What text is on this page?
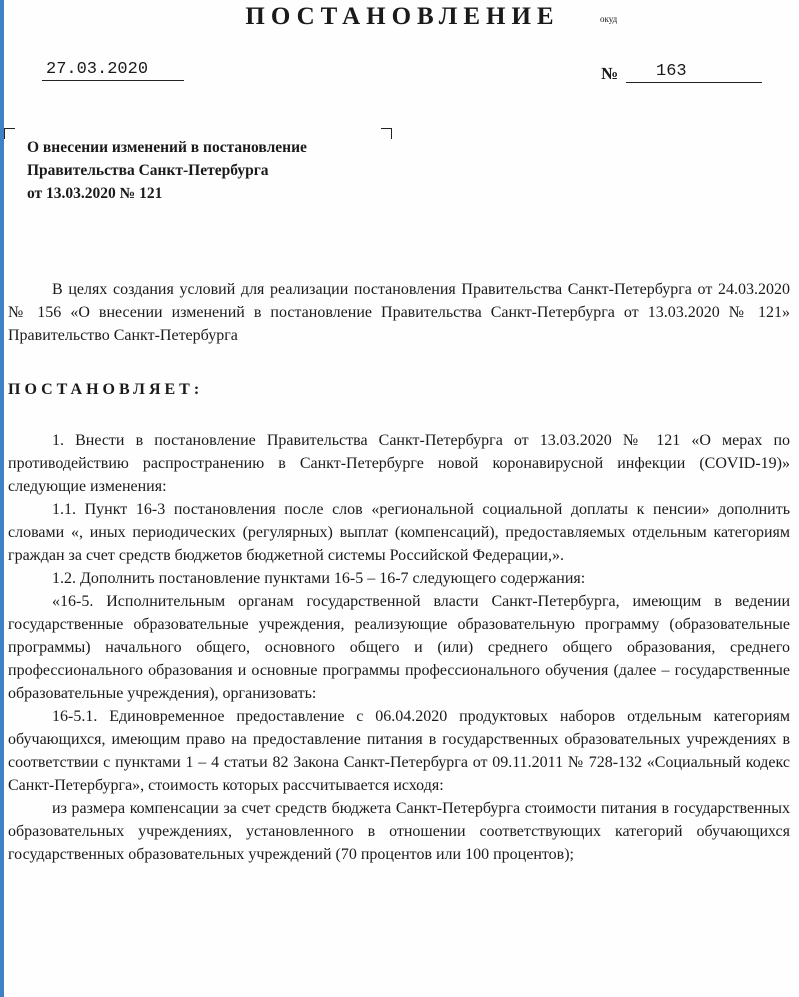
ПОСТАНОВЛЕНИЕ	окуд
27.03.2020	№	163
О внесении изменений в постановление
Правительства Санкт-Петербурга
от 13.03.2020 № 121

В целях создания условий для реализации постановления Правительства Санкт-Петербурга от 24.03.2020 № 156 «О внесении изменений в постановление Правительства Санкт-Петербурга от 13.03.2020 № 121» Правительство Санкт-Петербурга

ПОСТАНОВЛЯЕТ:

1. Внести в постановление Правительства Санкт-Петербурга от 13.03.2020 № 121 «О мерах по противодействию распространению в Санкт-Петербурге новой коронавирусной инфекции (COVID-19)» следующие изменения:

1.1. Пункт 16-3 постановления после слов «региональной социальной доплаты к пенсии» дополнить словами «, иных периодических (регулярных) выплат (компенсаций), предоставляемых отдельным категориям граждан за счет средств бюджетов бюджетной системы Российской Федерации,».

1.2. Дополнить постановление пунктами 16-5 – 16-7 следующего содержания:

«16-5. Исполнительным органам государственной власти Санкт-Петербурга, имеющим в ведении государственные образовательные учреждения, реализующие образовательную программу (образовательные программы) начального общего, основного общего и (или) среднего общего образования, среднего профессионального образования и основные программы профессионального обучения (далее – государственные образовательные учреждения), организовать:

16-5.1. Единовременное предоставление с 06.04.2020 продуктовых наборов отдельным категориям обучающихся, имеющим право на предоставление питания в государственных образовательных учреждениях в соответствии с пунктами 1 – 4 статьи 82 Закона Санкт-Петербурга от 09.11.2011 № 728-132 «Социальный кодекс Санкт-Петербурга», стоимость которых рассчитывается исходя:

из размера компенсации за счет средств бюджета Санкт-Петербурга стоимости питания в государственных образовательных учреждениях, установленного в отношении соответствующих категорий обучающихся государственных образовательных учреждений (70 процентов или 100 процентов);
